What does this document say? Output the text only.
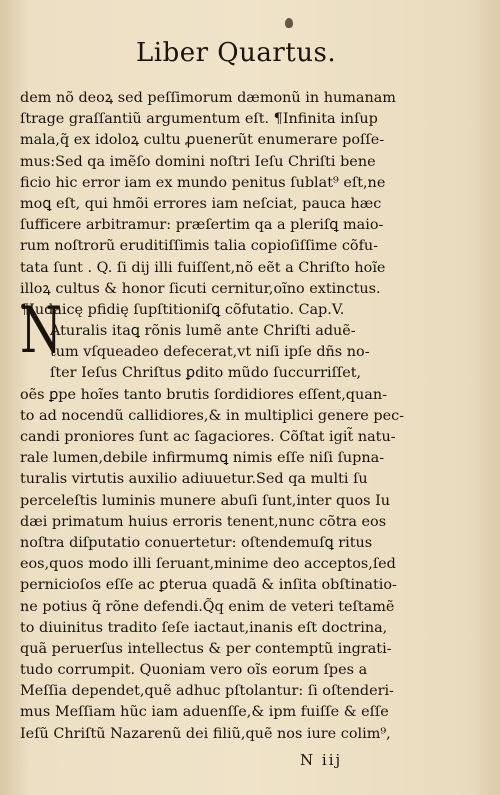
Liber Quartus.
dem nõ deoꝝ sed peſſimorum dæmonũ in humanam
ſtrage graſſantiũ argumentum eſt. ¶Infinita inſup
mala,q̃ ex idoloꝝ cultu ꝓuenerũt enumerare poſſe-
mus:Sed qa imẽſo domini noſtri Ieſu Chriſti bene
ficio hic error iam ex mundo penitus ſublat⁹ eſt,ne
moꝗ eſt, qui hmõi errores iam neſciat, pauca hæc
ſufficere arbitramur: præſertim qa a pleriſꝗ maio-
rum noſtrorũ eruditiſſimis talia copioſiſſime cõfu-
tata ſunt . Q. ſi dij illi fuiſſent,nõ eẽt a Chriſto hoĩe
illoꝝ cultus & honor ſicuti cernitur,oĩno extinctus.
¶Iudaicę pfidię ſupſtitioniſꝗ cõfutatio. Cap.V.
Aturalis itaꝗ rõnis lumẽ ante Chriſti aduẽ-
tum vſqueadeo defecerat,vt niſi ipſe dñs no-
ſter Ieſus Chriſtus ꝑdito mũdo ſuccurriſſet,
oẽs ꝑpe hoĩes tanto brutis ſordidiores eſſent,quan-
to ad nocendũ callidiores,& in multiplici genere pec-
candi proniores ſunt ac ſagaciores. Cõſtat igit̃ natu-
rale lumen,debile infirmumꝗ nimis eſſe niſi ſupna-
turalis virtutis auxilio adiuuetur.Sed qa multi ſu
perceleſtis luminis munere abuſi ſunt,inter quos Iu
dæi primatum huius erroris tenent,nunc cõtra eos
noſtra diſputatio conuertetur: oſtendemuſꝗ ritus
eos,quos modo illi ſeruant,minime deo acceptos,ſed
pernicioſos eſſe ac ꝑteruа quadã & inſita obſtinatio-
ne potius q̃ rõne defendi.Q̃q enim de veteri teſtamẽ
to diuinitus tradito ſeſe iactaut,inanis eſt doctrina,
quã peruerſus intellectus & per contemptũ ingrati-
tudo corrumpit. Quoniam vero oĩs eorum ſpes a
Meſſia dependet,quẽ adhuc pſtolantur: ſi oſtenderi-
mus Meſſiam hũc iam aduenſſe,& ipm fuiſſe & eſſe
Ieſũ Chriſtũ Nazarenũ dei filiũ,quẽ nos iure colim⁹,
N
N iij
